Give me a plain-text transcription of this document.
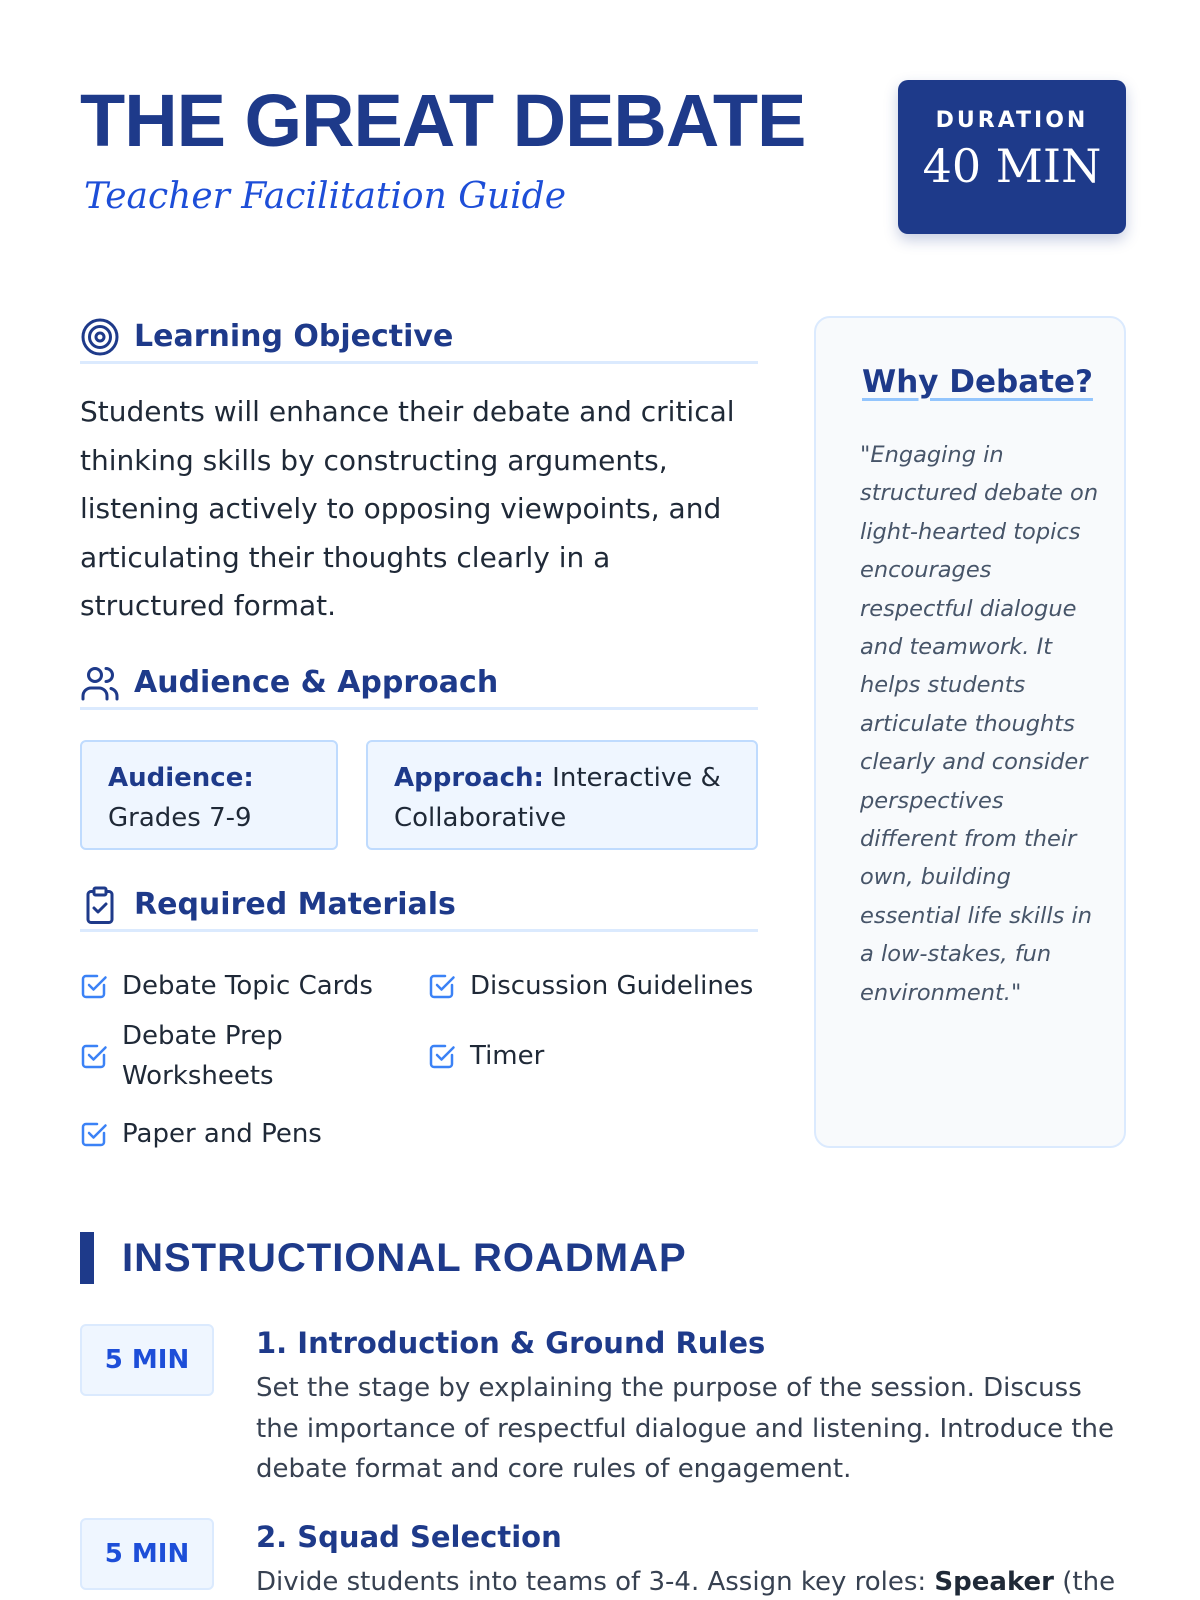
THE GREAT DEBATE
Teacher Facilitation Guide
DURATION
40 MIN
Learning Objective

Students will enhance their debate and critical thinking skills by constructing arguments, listening actively to opposing viewpoints, and articulating their thoughts clearly in a structured format.

Audience & Approach
Audience:
Grades 7-9
Approach: Interactive & Collaborative
Required Materials
Debate Topic Cards	Discussion Guidelines
Debate Prep Worksheets
Timer
Paper and Pens
Why Debate?

"Engaging in structured debate on light-hearted topics encourages respectful dialogue and teamwork. It helps students articulate thoughts clearly and consider perspectives different from their own, building essential life skills in a low-stakes, fun environment."

INSTRUCTIONAL ROADMAP
5 MIN	1. Introduction & Ground Rules

Set the stage by explaining the purpose of the session. Discuss the importance of respectful dialogue and listening. Introduce the debate format and core rules of engagement.

5 MIN	2. Squad Selection

Divide students into teams of 3-4. Assign key roles: Speaker (the
